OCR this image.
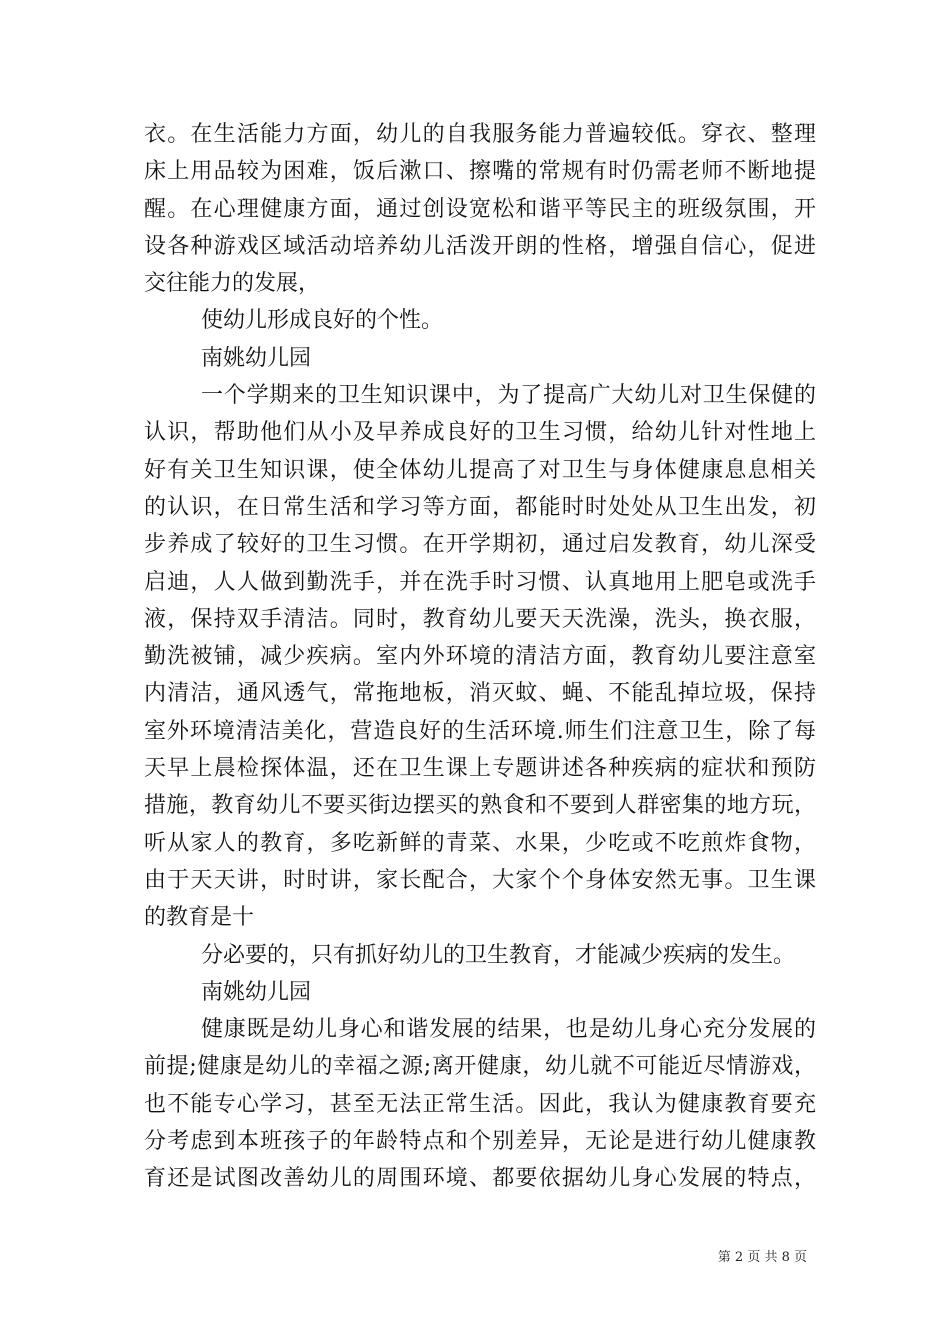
衣。在生活能力方面，幼儿的自我服务能力普遍较低。穿衣、整理
床上用品较为困难，饭后漱口、擦嘴的常规有时仍需老师不断地提
醒。在心理健康方面，通过创设宽松和谐平等民主的班级氛围，开
设各种游戏区域活动培养幼儿活泼开朗的性格，增强自信心，促进
交往能力的发展，
使幼儿形成良好的个性。
南姚幼儿园
一个学期来的卫生知识课中，为了提高广大幼儿对卫生保健的
认识，帮助他们从小及早养成良好的卫生习惯，给幼儿针对性地上
好有关卫生知识课，使全体幼儿提高了对卫生与身体健康息息相关
的认识，在日常生活和学习等方面，都能时时处处从卫生出发，初
步养成了较好的卫生习惯。在开学期初，通过启发教育，幼儿深受
启迪，人人做到勤洗手，并在洗手时习惯、认真地用上肥皂或洗手
液，保持双手清洁。同时，教育幼儿要天天洗澡，洗头，换衣服，
勤洗被铺，减少疾病。室内外环境的清洁方面，教育幼儿要注意室
内清洁，通风透气，常拖地板，消灭蚊、蝇、不能乱掉垃圾，保持
室外环境清洁美化，营造良好的生活环境.师生们注意卫生，除了每
天早上晨检探体温，还在卫生课上专题讲述各种疾病的症状和预防
措施，教育幼儿不要买街边摆买的熟食和不要到人群密集的地方玩，
听从家人的教育，多吃新鲜的青菜、水果，少吃或不吃煎炸食物，
由于天天讲，时时讲，家长配合，大家个个身体安然无事。卫生课
的教育是十
分必要的，只有抓好幼儿的卫生教育，才能减少疾病的发生。
南姚幼儿园
健康既是幼儿身心和谐发展的结果，也是幼儿身心充分发展的
前提;健康是幼儿的幸福之源;离开健康，幼儿就不可能近尽情游戏，
也不能专心学习，甚至无法正常生活。因此，我认为健康教育要充
分考虑到本班孩子的年龄特点和个别差异，无论是进行幼儿健康教
育还是试图改善幼儿的周围环境、都要依据幼儿身心发展的特点，
第 2 页 共 8 页
